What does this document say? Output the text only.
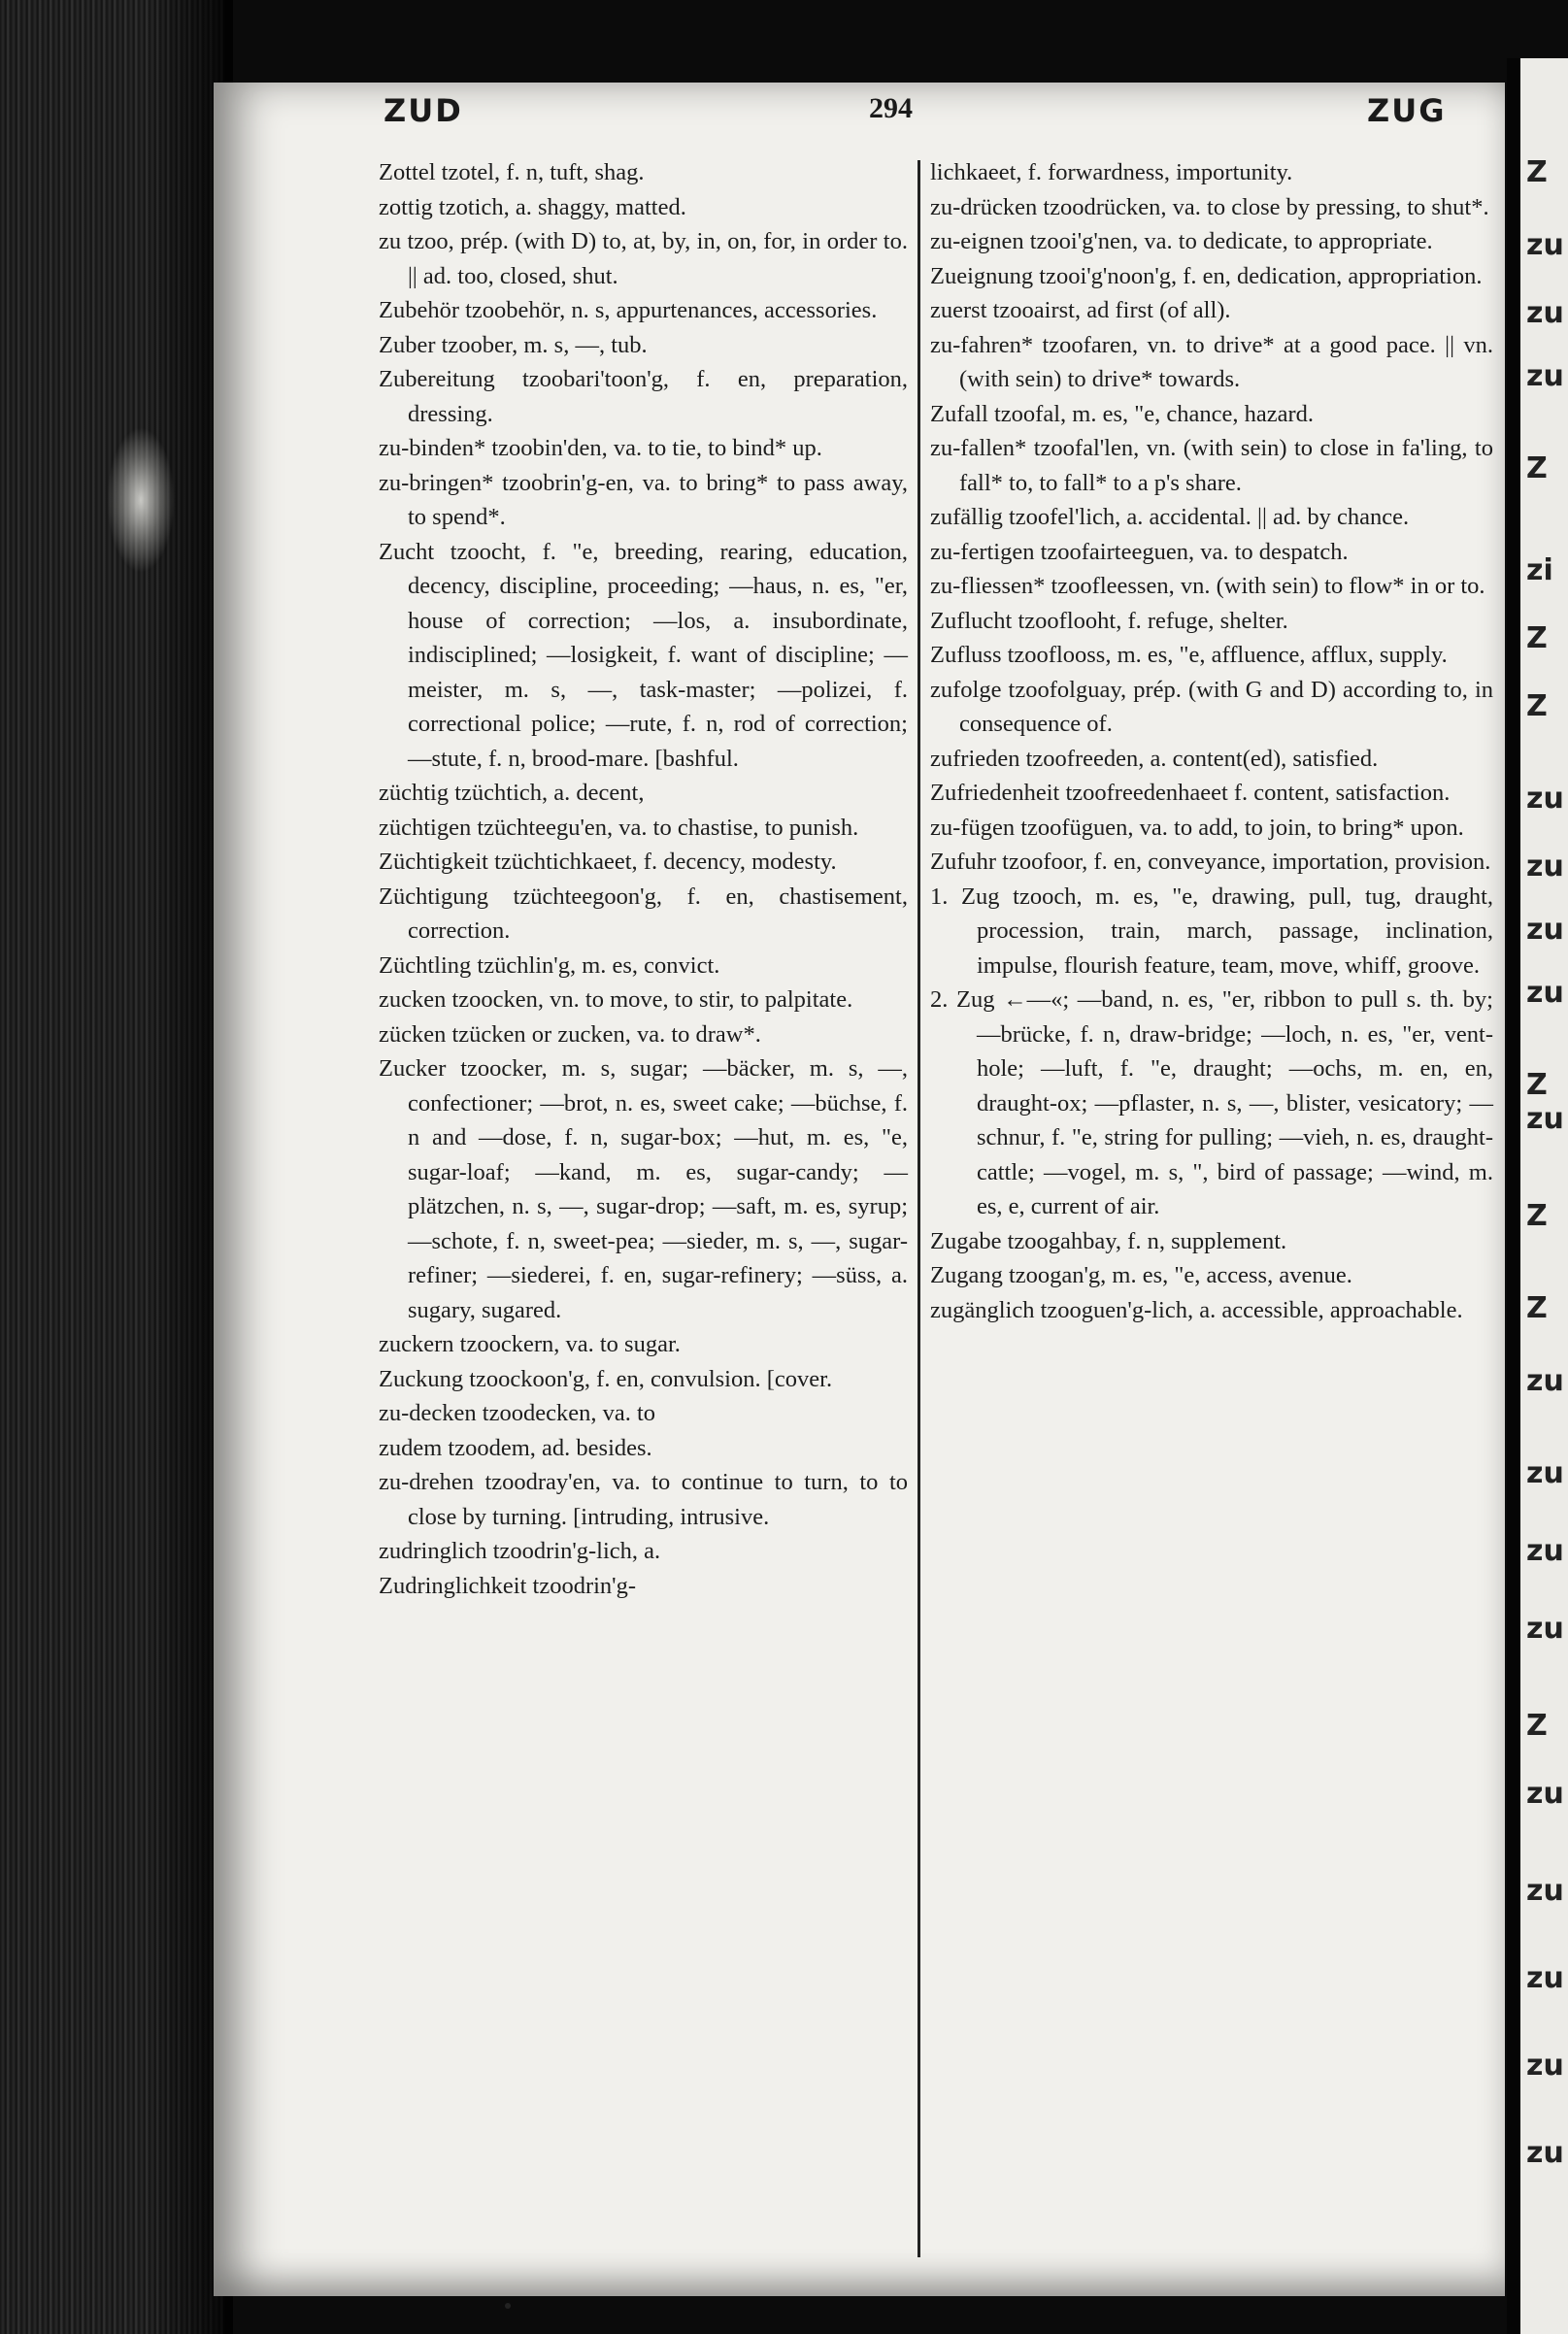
ZUD	294	ZUG

Zottel tzotel, f. n, tuft, shag.

zottig tzotich, a. shaggy, matted.

zu tzoo, prép. (with D) to, at, by, in, on, for, in order to. || ad. too, closed, shut.

Zubehör tzoobehör, n. s, appurtenances, accessories.

Zuber tzoober, m. s, —, tub.

Zubereitung tzoobari'toon'g, f. en, preparation, dressing.

zu-binden* tzoobin'den, va. to tie, to bind* up.

zu-bringen* tzoobrin'g-en, va. to bring* to pass away, to spend*.

Zucht tzoocht, f. "e, breeding, rearing, education, decency, discipline, proceeding; —haus, n. es, "er, house of correction; —los, a. insubordinate, indisciplined; —losigkeit, f. want of discipline; —meister, m. s, —, task-master; —polizei, f. correctional police; —rute, f. n, rod of correction; —stute, f. n, brood-mare. [bashful.

züchtig tzüchtich, a. decent,

züchtigen tzüchteegu'en, va. to chastise, to punish.

Züchtigkeit tzüchtichkaeet, f. decency, modesty.

Züchtigung tzüchteegoon'g, f. en, chastisement, correction.

Züchtling tzüchlin'g, m. es, convict.

zucken tzoocken, vn. to move, to stir, to palpitate.

zücken tzücken or zucken, va. to draw*.

Zucker tzoocker, m. s, sugar; —bäcker, m. s, —, confectioner; —brot, n. es, sweet cake; —büchse, f. n and —dose, f. n, sugar-box; —hut, m. es, "e, sugar-loaf; —kand, m. es, sugar-candy; —plätzchen, n. s, —, sugar-drop; —saft, m. es, syrup; —schote, f. n, sweet-pea; —sieder, m. s, —, sugar-refiner; —siederei, f. en, sugar-refinery; —süss, a. sugary, sugared.

zuckern tzoockern, va. to sugar.

Zuckung tzoockoon'g, f. en, convulsion. [cover.

zu-decken tzoodecken, va. to

zudem tzoodem, ad. besides.

zu-drehen tzoodray'en, va. to continue to turn, to to close by turning. [intruding, intrusive.

zudringlich tzoodrin'g-lich, a.

Zudringlichkeit tzoodrin'g-

lichkaeet, f. forwardness, importunity.

zu-drücken tzoodrücken, va. to close by pressing, to shut*.

zu-eignen tzooi'g'nen, va. to dedicate, to appropriate.

Zueignung tzooi'g'noon'g, f. en, dedication, appropriation.

zuerst tzooairst, ad first (of all).

zu-fahren* tzoofaren, vn. to drive* at a good pace. || vn. (with sein) to drive* towards.

Zufall tzoofal, m. es, "e, chance, hazard.

zu-fallen* tzoofal'len, vn. (with sein) to close in fa'ling, to fall* to, to fall* to a p's share.

zufällig tzoofel'lich, a. accidental. || ad. by chance.

zu-fertigen tzoofairteeguen, va. to despatch.

zu-fliessen* tzoofleessen, vn. (with sein) to flow* in or to.

Zuflucht tzooflooht, f. refuge, shelter.

Zufluss tzooflooss, m. es, "e, affluence, afflux, supply.

zufolge tzoofolguay, prép. (with G and D) according to, in consequence of.

zufrieden tzoofreeden, a. content(ed), satisfied.

Zufriedenheit tzoofreedenhaeet f. content, satisfaction.

zu-fügen tzoofüguen, va. to add, to join, to bring* upon.

Zufuhr tzoofoor, f. en, conveyance, importation, provision.

1. Zug tzooch, m. es, "e, drawing, pull, tug, draught, procession, train, march, passage, inclination, impulse, flourish feature, team, move, whiff, groove.

2. Zug ←—«; —band, n. es, "er, ribbon to pull s. th. by; —brücke, f. n, draw-bridge; —loch, n. es, "er, vent-hole; —luft, f. "e, draught; —ochs, m. en, en, draught-ox; —pflaster, n. s, —, blister, vesicatory; —schnur, f. "e, string for pulling; —vieh, n. es, draught-cattle; —vogel, m. s, ", bird of passage; —wind, m. es, e, current of air.

Zugabe tzoogahbay, f. n, supplement.

Zugang tzoogan'g, m. es, "e, access, avenue.

zugänglich tzooguen'g-lich, a. accessible, approachable.

Z
zu
zu
zu
Z
zi
Z
Z
zu
zu
zu
zu
Z
zu
Z
Z
zu
zu
zu
zu
Z
zu
zu
zu
zu
zu
